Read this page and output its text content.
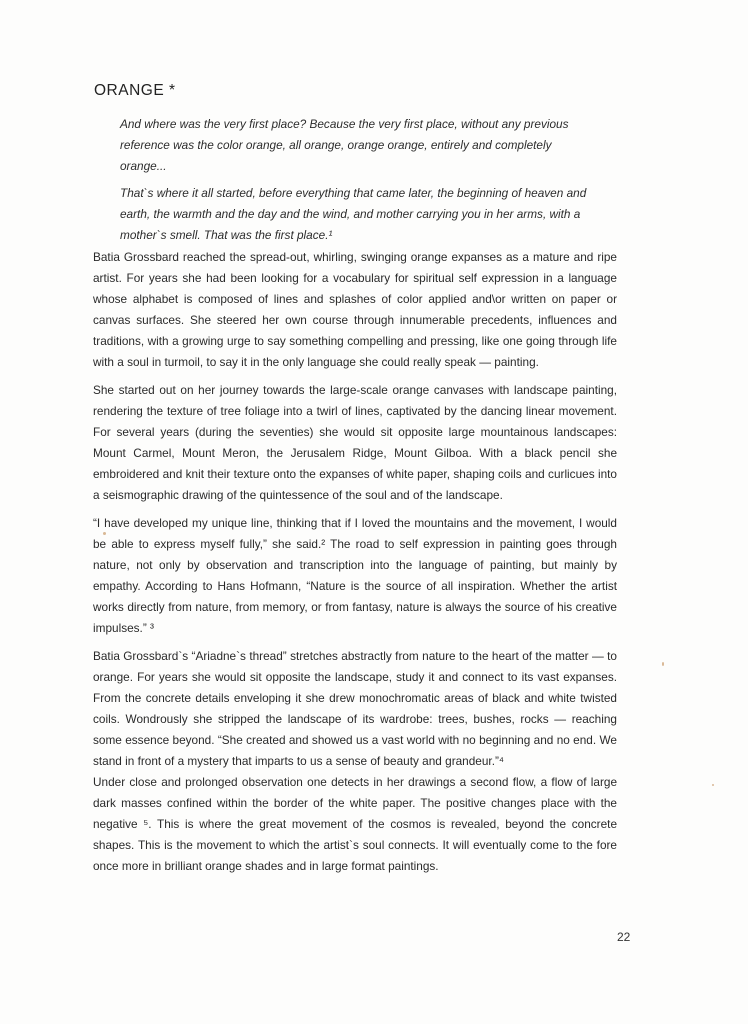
ORANGE *

And where was the very first place? Because the very first place, without any previous reference was the color orange, all orange, orange orange, entirely and completely orange...

That`s where it all started, before everything that came later, the beginning of heaven and earth, the warmth and the day and the wind, and mother carrying you in her arms, with a mother`s smell. That was the first place.¹

Batia Grossbard reached the spread-out, whirling, swinging orange expanses as a mature and ripe artist. For years she had been looking for a vocabulary for spiritual self expression in a language whose alphabet is composed of lines and splashes of color applied and\or written on paper or canvas surfaces. She steered her own course through innumerable precedents, influences and traditions, with a growing urge to say something compelling and pressing, like one going through life with a soul in turmoil, to say it in the only language she could really speak — painting.

She started out on her journey towards the large-scale orange canvases with landscape painting, rendering the texture of tree foliage into a twirl of lines, captivated by the dancing linear movement. For several years (during the seventies) she would sit opposite large mountainous landscapes: Mount Carmel, Mount Meron, the Jerusalem Ridge, Mount Gilboa. With a black pencil she embroidered and knit their texture onto the expanses of white paper, shaping coils and curlicues into a seismographic drawing of the quintessence of the soul and of the landscape.

“I have developed my unique line, thinking that if I loved the mountains and the movement, I would be able to express myself fully,” she said.² The road to self expression in painting goes through nature, not only by observation and transcription into the language of painting, but mainly by empathy. According to Hans Hofmann, “Nature is the source of all inspiration. Whether the artist works directly from nature, from memory, or from fantasy, nature is always the source of his creative impulses.” ³

Batia Grossbard`s “Ariadne`s thread” stretches abstractly from nature to the heart of the matter — to orange. For years she would sit opposite the landscape, study it and connect to its vast expanses. From the concrete details enveloping it she drew monochromatic areas of black and white twisted coils. Wondrously she stripped the landscape of its wardrobe: trees, bushes, rocks — reaching some essence beyond. “She created and showed us a vast world with no beginning and no end. We stand in front of a mystery that imparts to us a sense of beauty and grandeur.”⁴

Under close and prolonged observation one detects in her drawings a second flow, a flow of large dark masses confined within the border of the white paper. The positive changes place with the negative ⁵. This is where the great movement of the cosmos is revealed, beyond the concrete shapes. This is the movement to which the artist`s soul connects. It will eventually come to the fore once more in brilliant orange shades and in large format paintings.

22
